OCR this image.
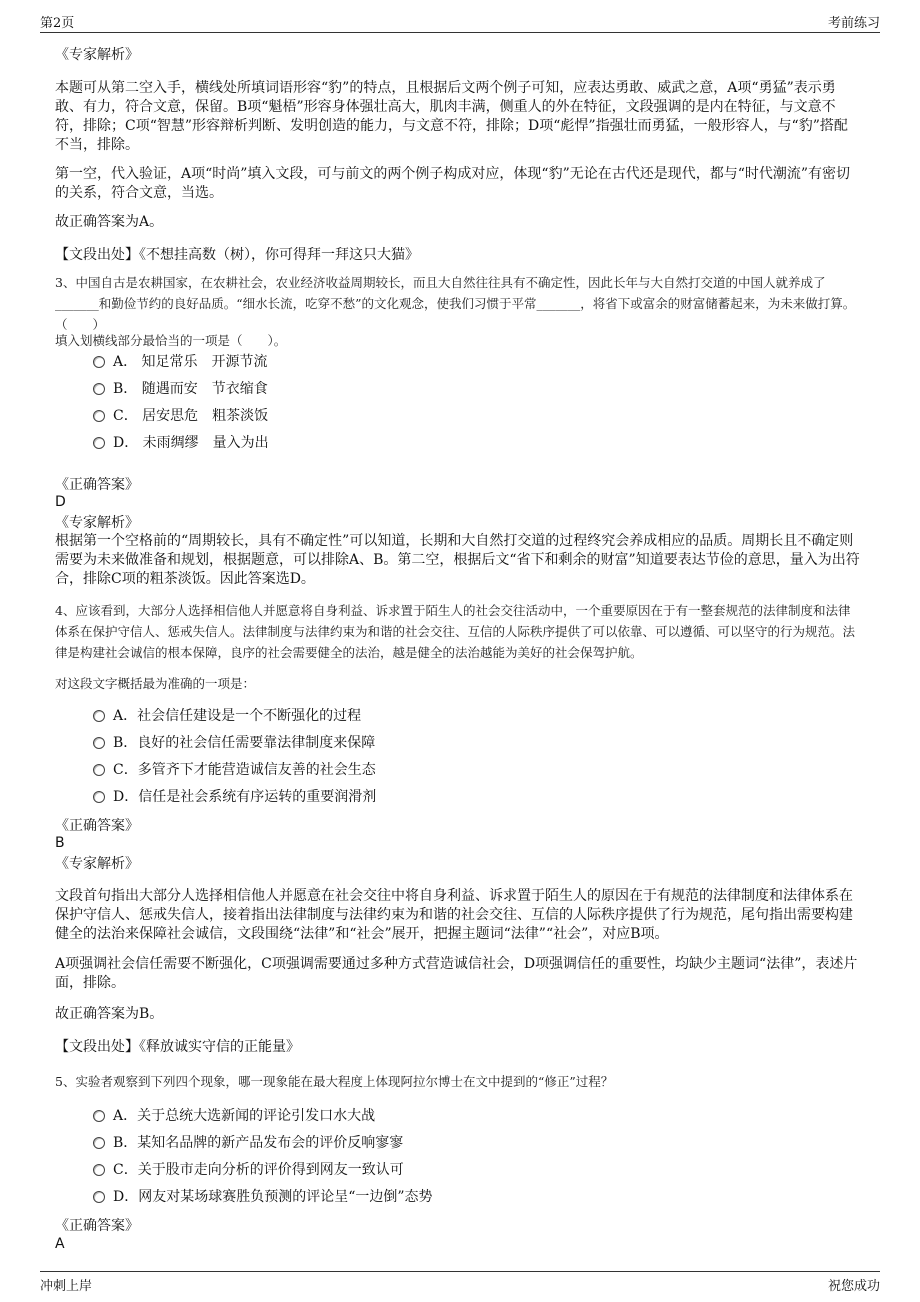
第2页	考前练习
《专家解析》
本题可从第二空入手，横线处所填词语形容“豹”的特点，且根据后文两个例子可知，应表达勇敢、威武之意，A项“勇猛”表示勇敢、有力，符合文意，保留。B项“魁梧”形容身体强壮高大，肌肉丰满，侧重人的外在特征，文段强调的是内在特征，与文意不符，排除；C项“智慧”形容辩析判断、发明创造的能力，与文意不符，排除；D项“彪悍”指强壮而勇猛，一般形容人，与“豹”搭配不当，排除。
第一空，代入验证，A项“时尚”填入文段，可与前文的两个例子构成对应，体现“豹”无论在古代还是现代，都与“时代潮流”有密切的关系，符合文意，当选。
故正确答案为A。
【文段出处】《不想挂高数（树），你可得拜一拜这只大猫》
3、中国自古是农耕国家，在农耕社会，农业经济收益周期较长，而且大自然往往具有不确定性，因此长年与大自然打交道的中国人就养成了_______和勤俭节约的良好品质。“细水长流，吃穿不愁”的文化观念，使我们习惯于平常_______，将省下或富余的财富储蓄起来，为未来做打算。（　　）
填入划横线部分最恰当的一项是（　　）。
A． 知足常乐　开源节流
B． 随遇而安　节衣缩食
C． 居安思危　粗茶淡饭
D． 未雨绸缪　量入为出
《正确答案》
D
《专家解析》
根据第一个空格前的“周期较长，具有不确定性”可以知道，长期和大自然打交道的过程终究会养成相应的品质。周期长且不确定则需要为未来做准备和规划，根据题意，可以排除A、B。第二空，根据后文“省下和剩余的财富”知道要表达节俭的意思，量入为出符合，排除C项的粗茶淡饭。因此答案选D。
4、应该看到，大部分人选择相信他人并愿意将自身利益、诉求置于陌生人的社会交往活动中，一个重要原因在于有一整套规范的法律制度和法律体系在保护守信人、惩戒失信人。法律制度与法律约束为和谐的社会交往、互信的人际秩序提供了可以依靠、可以遵循、可以坚守的行为规范。法律是构建社会诚信的根本保障，良序的社会需要健全的法治，越是健全的法治越能为美好的社会保驾护航。
对这段文字概括最为准确的一项是：
A．社会信任建设是一个不断强化的过程
B．良好的社会信任需要靠法律制度来保障
C．多管齐下才能营造诚信友善的社会生态
D．信任是社会系统有序运转的重要润滑剂
《正确答案》
B
《专家解析》
文段首句指出大部分人选择相信他人并愿意在社会交往中将自身利益、诉求置于陌生人的原因在于有规范的法律制度和法律体系在保护守信人、惩戒失信人，接着指出法律制度与法律约束为和谐的社会交往、互信的人际秩序提供了行为规范，尾句指出需要构建健全的法治来保障社会诚信，文段围绕“法律”和“社会”展开，把握主题词“法律”“社会”，对应B项。
A项强调社会信任需要不断强化，C项强调需要通过多种方式营造诚信社会，D项强调信任的重要性，均缺少主题词“法律”，表述片面，排除。
故正确答案为B。
【文段出处】《释放诚实守信的正能量》
5、实验者观察到下列四个现象，哪一现象能在最大程度上体现阿拉尔博士在文中提到的“修正”过程？
A．关于总统大选新闻的评论引发口水大战
B．某知名品牌的新产品发布会的评价反响寥寥
C．关于股市走向分析的评价得到网友一致认可
D．网友对某场球赛胜负预测的评论呈“一边倒”态势
《正确答案》
A
冲刺上岸	祝您成功
